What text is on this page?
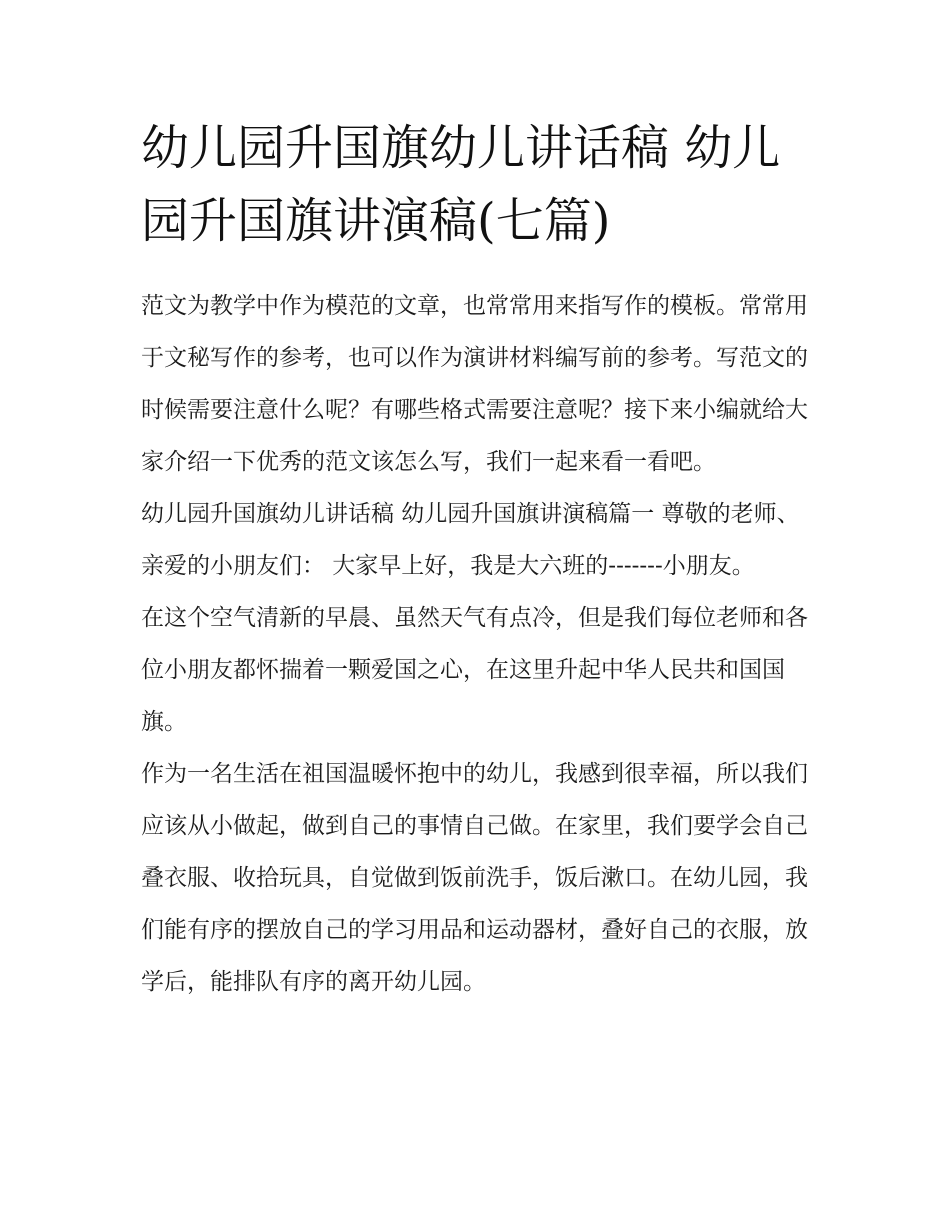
幼儿园升国旗幼儿讲话稿 幼儿园升国旗讲演稿(七篇)

范文为教学中作为模范的文章，也常常用来指写作的模板。常常用于文秘写作的参考，也可以作为演讲材料编写前的参考。写范文的时候需要注意什么呢？有哪些格式需要注意呢？接下来小编就给大家介绍一下优秀的范文该怎么写，我们一起来看一看吧。

幼儿园升国旗幼儿讲话稿 幼儿园升国旗讲演稿篇一 尊敬的老师、亲爱的小朋友们： 大家早上好，我是大六班的-------小朋友。

在这个空气清新的早晨、虽然天气有点冷，但是我们每位老师和各位小朋友都怀揣着一颗爱国之心，在这里升起中华人民共和国国旗。

作为一名生活在祖国温暖怀抱中的幼儿，我感到很幸福，所以我们应该从小做起，做到自己的事情自己做。在家里，我们要学会自己叠衣服、收拾玩具，自觉做到饭前洗手，饭后漱口。在幼儿园，我们能有序的摆放自己的学习用品和运动器材，叠好自己的衣服，放学后，能排队有序的离开幼儿园。
